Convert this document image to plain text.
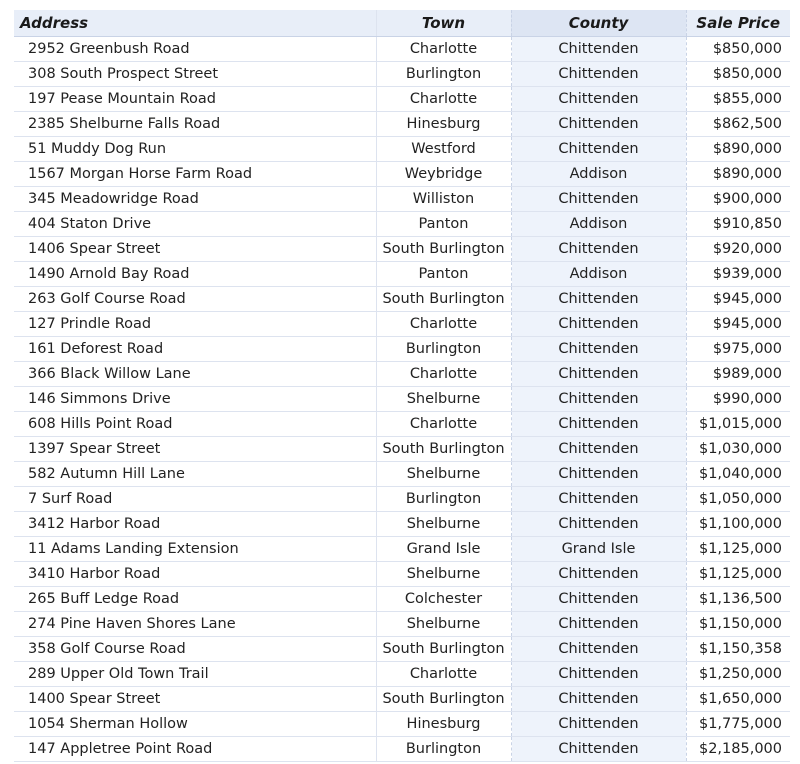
Address	Town	County	Sale Price
2952 Greenbush Road	Charlotte	Chittenden	$850,000
308 South Prospect Street	Burlington	Chittenden	$850,000
197 Pease Mountain Road	Charlotte	Chittenden	$855,000
2385 Shelburne Falls Road	Hinesburg	Chittenden	$862,500
51 Muddy Dog Run	Westford	Chittenden	$890,000
1567 Morgan Horse Farm Road	Weybridge	Addison	$890,000
345 Meadowridge Road	Williston	Chittenden	$900,000
404 Staton Drive	Panton	Addison	$910,850
1406 Spear Street	South Burlington	Chittenden	$920,000
1490 Arnold Bay Road	Panton	Addison	$939,000
263 Golf Course Road	South Burlington	Chittenden	$945,000
127 Prindle Road	Charlotte	Chittenden	$945,000
161 Deforest Road	Burlington	Chittenden	$975,000
366 Black Willow Lane	Charlotte	Chittenden	$989,000
146 Simmons Drive	Shelburne	Chittenden	$990,000
608 Hills Point Road	Charlotte	Chittenden	$1,015,000
1397 Spear Street	South Burlington	Chittenden	$1,030,000
582 Autumn Hill Lane	Shelburne	Chittenden	$1,040,000
7 Surf Road	Burlington	Chittenden	$1,050,000
3412 Harbor Road	Shelburne	Chittenden	$1,100,000
11 Adams Landing Extension	Grand Isle	Grand Isle	$1,125,000
3410 Harbor Road	Shelburne	Chittenden	$1,125,000
265 Buff Ledge Road	Colchester	Chittenden	$1,136,500
274 Pine Haven Shores Lane	Shelburne	Chittenden	$1,150,000
358 Golf Course Road	South Burlington	Chittenden	$1,150,358
289 Upper Old Town Trail	Charlotte	Chittenden	$1,250,000
1400 Spear Street	South Burlington	Chittenden	$1,650,000
1054 Sherman Hollow	Hinesburg	Chittenden	$1,775,000
147 Appletree Point Road	Burlington	Chittenden	$2,185,000
